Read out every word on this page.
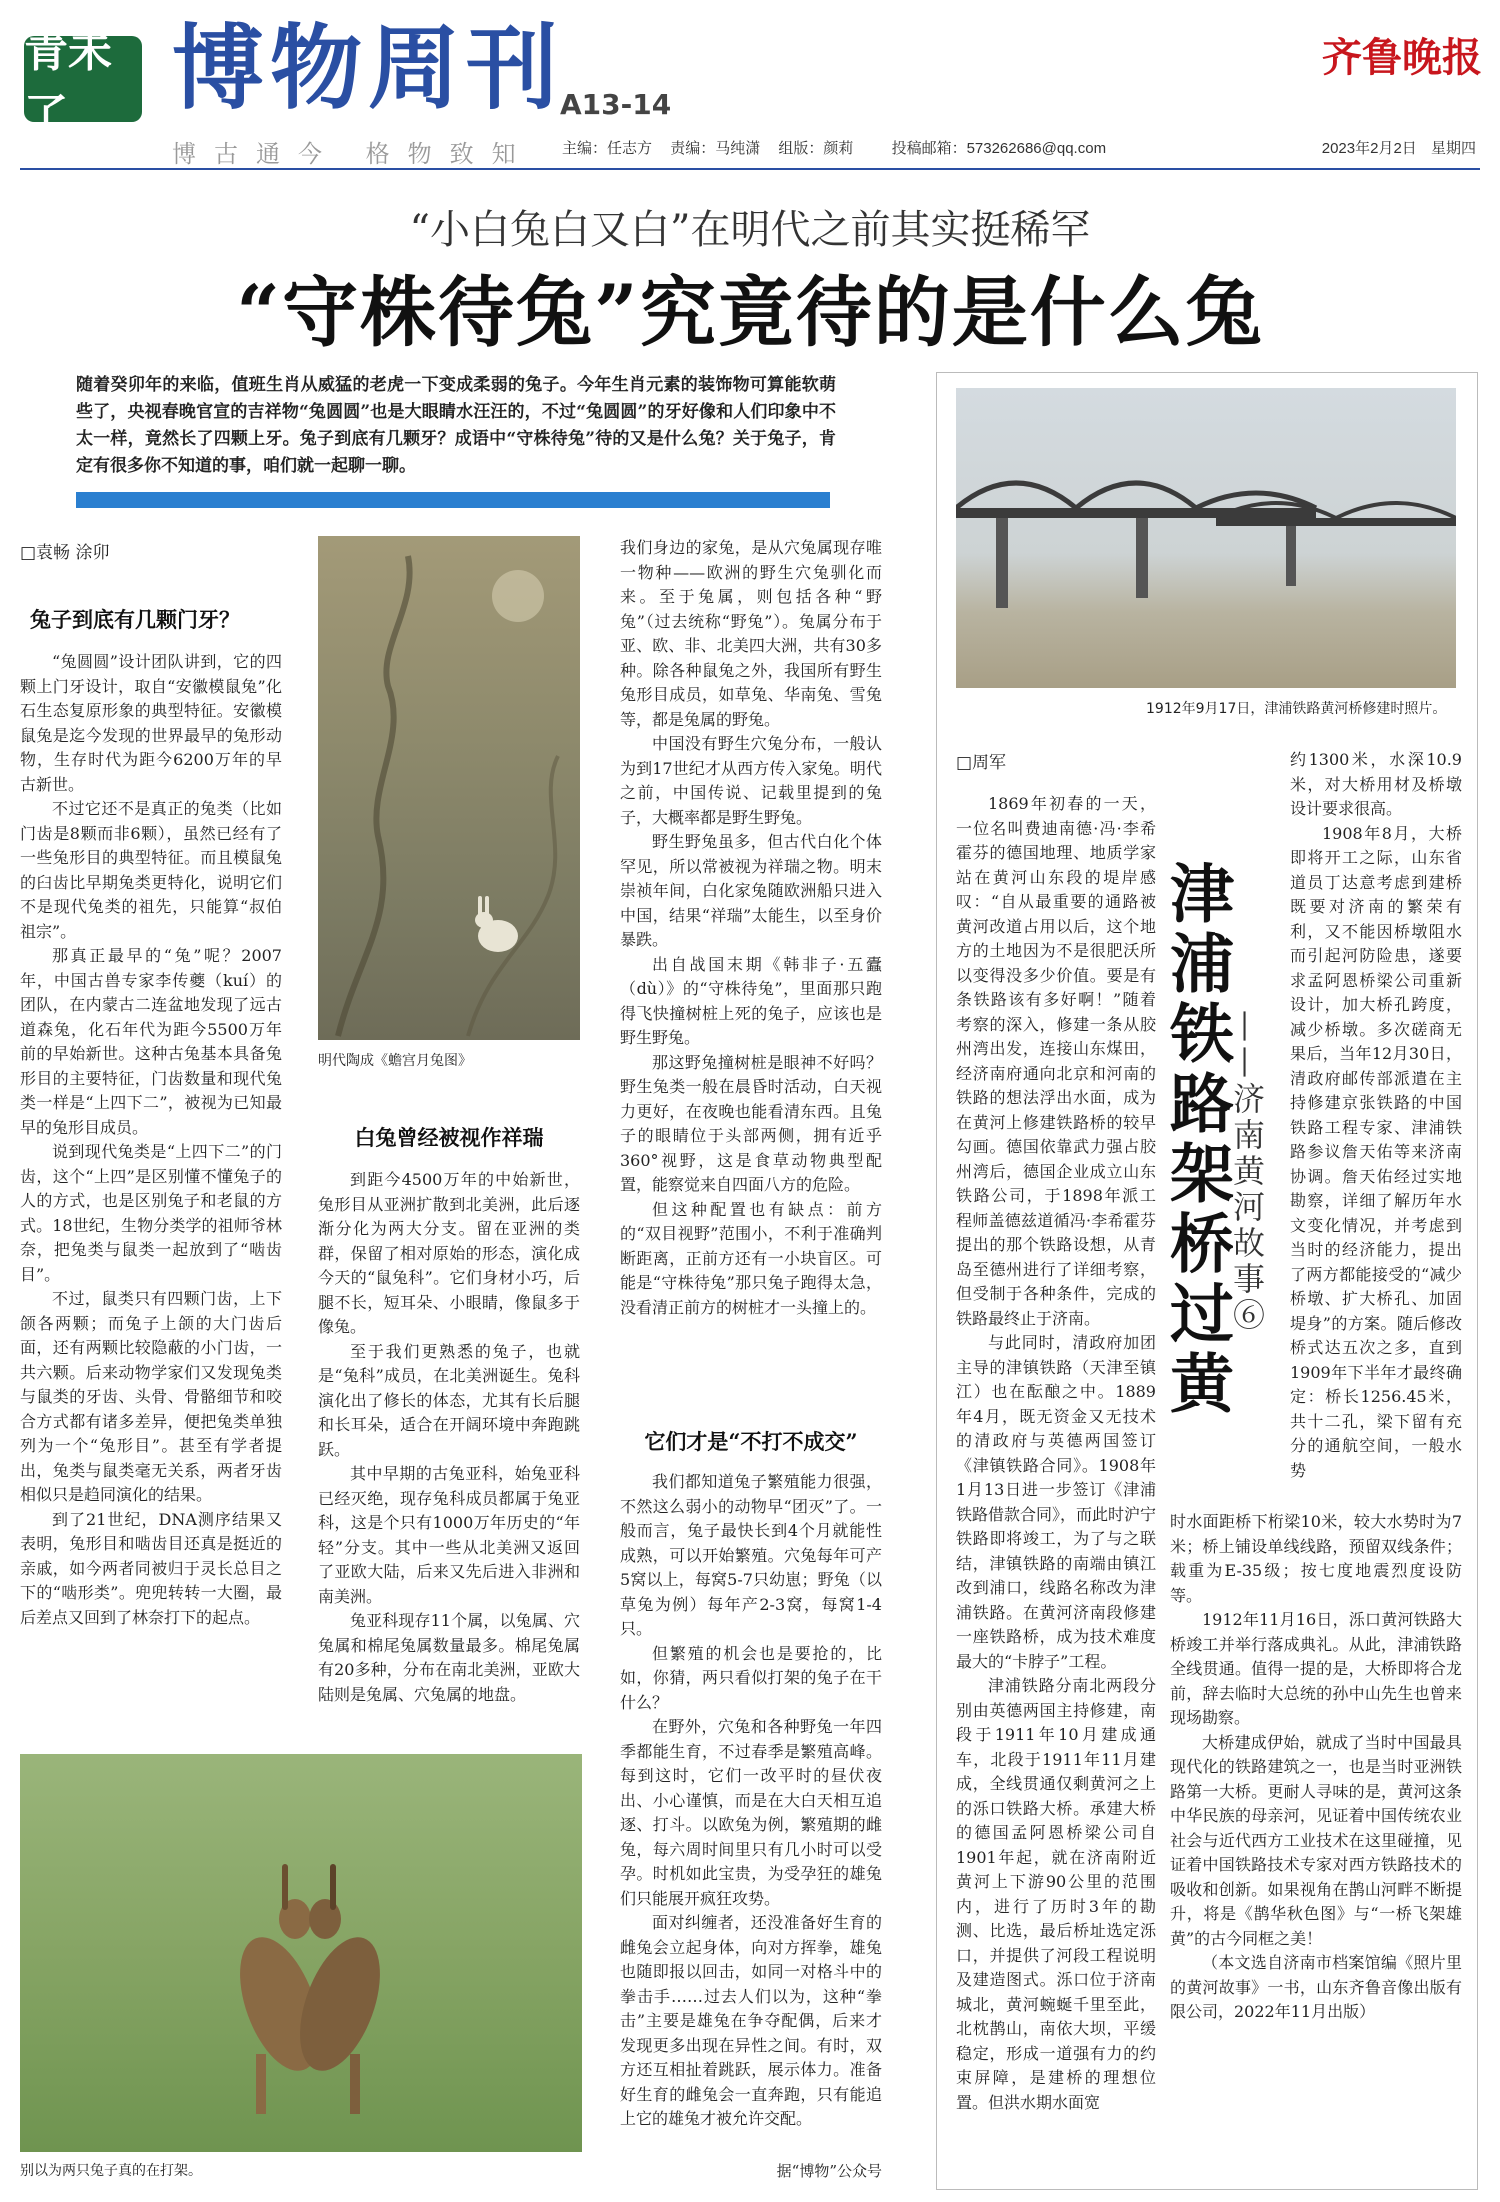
青未了	博物周刊
A13-14
齐鲁晚报
博古通今 格物致知 主编：任志方 责编：马纯潇 组版：颜莉	投稿邮箱：573262686@qq.com	2023年2月2日 星期四
“小白兔白又白”在明代之前其实挺稀罕
“守株待兔”究竟待的是什么兔
随着癸卯年的来临，值班生肖从威猛的老虎一下变成柔弱的兔子。今年生肖元素的装饰物可算能软萌些了，央视春晚官宣的吉祥物“兔圆圆”也是大眼睛水汪汪的，不过“兔圆圆”的牙好像和人们印象中不太一样，竟然长了四颗上牙。兔子到底有几颗牙？成语中“守株待兔”待的又是什么兔？关于兔子，肯定有很多你不知道的事，咱们就一起聊一聊。
□袁畅 涂卯
兔子到底有几颗门牙？

“兔圆圆”设计团队讲到，它的四颗上门牙设计，取自“安徽模鼠兔”化石生态复原形象的典型特征。安徽模鼠兔是迄今发现的世界最早的兔形动物，生存时代为距今6200万年的早古新世。

不过它还不是真正的兔类（比如门齿是8颗而非6颗），虽然已经有了一些兔形目的典型特征。而且模鼠兔的臼齿比早期兔类更特化，说明它们不是现代兔类的祖先，只能算“叔伯祖宗”。

那真正最早的“兔”呢？2007年，中国古兽专家李传夔（kuí）的团队，在内蒙古二连盆地发现了远古道森兔，化石年代为距今5500万年前的早始新世。这种古兔基本具备兔形目的主要特征，门齿数量和现代兔类一样是“上四下二”，被视为已知最早的兔形目成员。

说到现代兔类是“上四下二”的门齿，这个“上四”是区别懂不懂兔子的人的方式，也是区别兔子和老鼠的方式。18世纪，生物分类学的祖师爷林奈，把兔类与鼠类一起放到了“啮齿目”。

不过，鼠类只有四颗门齿，上下颌各两颗；而兔子上颌的大门齿后面，还有两颗比较隐蔽的小门齿，一共六颗。后来动物学家们又发现兔类与鼠类的牙齿、头骨、骨骼细节和咬合方式都有诸多差异，便把兔类单独列为一个“兔形目”。甚至有学者提出，兔类与鼠类毫无关系，两者牙齿相似只是趋同演化的结果。

到了21世纪，DNA测序结果又表明，兔形目和啮齿目还真是挺近的亲戚，如今两者同被归于灵长总目之下的“啮形类”。兜兜转转一大圈，最后差点又回到了林奈打下的起点。

明代陶成《蟾宫月兔图》
白兔曾经被视作祥瑞

到距今4500万年的中始新世，兔形目从亚洲扩散到北美洲，此后逐渐分化为两大分支。留在亚洲的类群，保留了相对原始的形态，演化成今天的“鼠兔科”。它们身材小巧，后腿不长，短耳朵、小眼睛，像鼠多于像兔。

至于我们更熟悉的兔子，也就是“兔科”成员，在北美洲诞生。兔科演化出了修长的体态，尤其有长后腿和长耳朵，适合在开阔环境中奔跑跳跃。

其中早期的古兔亚科，始兔亚科已经灭绝，现存兔科成员都属于兔亚科，这是个只有1000万年历史的“年轻”分支。其中一些从北美洲又返回了亚欧大陆，后来又先后进入非洲和南美洲。

兔亚科现存11个属，以兔属、穴兔属和棉尾兔属数量最多。棉尾兔属有20多种，分布在南北美洲，亚欧大陆则是兔属、穴兔属的地盘。

别以为两只兔子真的在打架。

我们身边的家兔，是从穴兔属现存唯一物种——欧洲的野生穴兔驯化而来。至于兔属，则包括各种“野兔”（过去统称“野兔”）。兔属分布于亚、欧、非、北美四大洲，共有30多种。除各种鼠兔之外，我国所有野生兔形目成员，如草兔、华南兔、雪兔等，都是兔属的野兔。

中国没有野生穴兔分布，一般认为到17世纪才从西方传入家兔。明代之前，中国传说、记载里提到的兔子，大概率都是野生野兔。

野生野兔虽多，但古代白化个体罕见，所以常被视为祥瑞之物。明末崇祯年间，白化家兔随欧洲船只进入中国，结果“祥瑞”太能生，以至身价暴跌。

出自战国末期《韩非子·五蠹（dù）》的“守株待兔”，里面那只跑得飞快撞树桩上死的兔子，应该也是野生野兔。

那这野兔撞树桩是眼神不好吗？野生兔类一般在晨昏时活动，白天视力更好，在夜晚也能看清东西。且兔子的眼睛位于头部两侧，拥有近乎360°视野，这是食草动物典型配置，能察觉来自四面八方的危险。

但这种配置也有缺点：前方的“双目视野”范围小，不利于准确判断距离，正前方还有一小块盲区。可能是“守株待兔”那只兔子跑得太急，没看清正前方的树桩才一头撞上的。

它们才是“不打不成交”

我们都知道兔子繁殖能力很强，不然这么弱小的动物早“团灭”了。一般而言，兔子最快长到4个月就能性成熟，可以开始繁殖。穴兔每年可产5窝以上，每窝5-7只幼崽；野兔（以草兔为例）每年产2-3窝，每窝1-4只。

但繁殖的机会也是要抢的，比如，你猜，两只看似打架的兔子在干什么？

在野外，穴兔和各种野兔一年四季都能生育，不过春季是繁殖高峰。每到这时，它们一改平时的昼伏夜出、小心谨慎，而是在大白天相互追逐、打斗。以欧兔为例，繁殖期的雌兔，每六周时间里只有几小时可以受孕。时机如此宝贵，为受孕狂的雄兔们只能展开疯狂攻势。

面对纠缠者，还没准备好生育的雌兔会立起身体，向对方挥拳，雄兔也随即报以回击，如同一对格斗中的拳击手……过去人们以为，这种“拳击”主要是雄兔在争夺配偶，后来才发现更多出现在异性之间。有时，双方还互相扯着跳跃，展示体力。准备好生育的雌兔会一直奔跑，只有能追上它的雄兔才被允许交配。

据“博物”公众号
1912年9月17日，津浦铁路黄河桥修建时照片。
□周军

1869年初春的一天，一位名叫费迪南德·冯·李希霍芬的德国地理、地质学家站在黄河山东段的堤岸感叹：“自从最重要的通路被黄河改道占用以后，这个地方的土地因为不是很肥沃所以变得没多少价值。要是有条铁路该有多好啊！”随着考察的深入，修建一条从胶州湾出发，连接山东煤田，经济南府通向北京和河南的铁路的想法浮出水面，成为在黄河上修建铁路桥的较早勾画。德国依靠武力强占胶州湾后，德国企业成立山东铁路公司，于1898年派工程师盖德兹道循冯·李希霍芬提出的那个铁路设想，从青岛至德州进行了详细考察，但受制于各种条件，完成的铁路最终止于济南。

与此同时，清政府加团主导的津镇铁路（天津至镇江）也在酝酿之中。1889年4月，既无资金又无技术的清政府与英德两国签订《津镇铁路合同》。1908年1月13日进一步签订《津浦铁路借款合同》，而此时沪宁铁路即将竣工，为了与之联结，津镇铁路的南端由镇江改到浦口，线路名称改为津浦铁路。在黄河济南段修建一座铁路桥，成为技术难度最大的“卡脖子”工程。

津浦铁路分南北两段分别由英德两国主持修建，南段于1911年10月建成通车，北段于1911年11月建成，全线贯通仅剩黄河之上的泺口铁路大桥。承建大桥的德国孟阿恩桥梁公司自1901年起，就在济南附近黄河上下游90公里的范围内，进行了历时3年的勘测、比选，最后桥址选定泺口，并提供了河段工程说明及建造图式。泺口位于济南城北，黄河蜿蜒千里至此，北枕鹊山，南依大坝，平缓稳定，形成一道强有力的约束屏障，是建桥的理想位置。但洪水期水面宽

津浦铁路架桥过黄
——济南黄河故事⑥

约1300米，水深10.9米，对大桥用材及桥墩设计要求很高。

1908年8月，大桥即将开工之际，山东省道员丁达意考虑到建桥既要对济南的繁荣有利，又不能因桥墩阻水而引起河防险患，遂要求孟阿恩桥梁公司重新设计，加大桥孔跨度，减少桥墩。多次磋商无果后，当年12月30日，清政府邮传部派遣在主持修建京张铁路的中国铁路工程专家、津浦铁路参议詹天佑等来济南协调。詹天佑经过实地勘察，详细了解历年水文变化情况，并考虑到当时的经济能力，提出了两方都能接受的“减少桥墩、扩大桥孔、加固堤身”的方案。随后修改桥式达五次之多，直到1909年下半年才最终确定：桥长1256.45米，共十二孔，梁下留有充分的通航空间，一般水势

时水面距桥下桁梁10米，较大水势时为7米；桥上铺设单线线路，预留双线条件；载重为E-35级；按七度地震烈度设防等。

1912年11月16日，泺口黄河铁路大桥竣工并举行落成典礼。从此，津浦铁路全线贯通。值得一提的是，大桥即将合龙前，辞去临时大总统的孙中山先生也曾来现场勘察。

大桥建成伊始，就成了当时中国最具现代化的铁路建筑之一，也是当时亚洲铁路第一大桥。更耐人寻味的是，黄河这条中华民族的母亲河，见证着中国传统农业社会与近代西方工业技术在这里碰撞，见证着中国铁路技术专家对西方铁路技术的吸收和创新。如果视角在鹊山河畔不断提升，将是《鹊华秋色图》与“一桥飞架雄黄”的古今同框之美！

（本文选自济南市档案馆编《照片里的黄河故事》一书，山东齐鲁音像出版有限公司，2022年11月出版）
